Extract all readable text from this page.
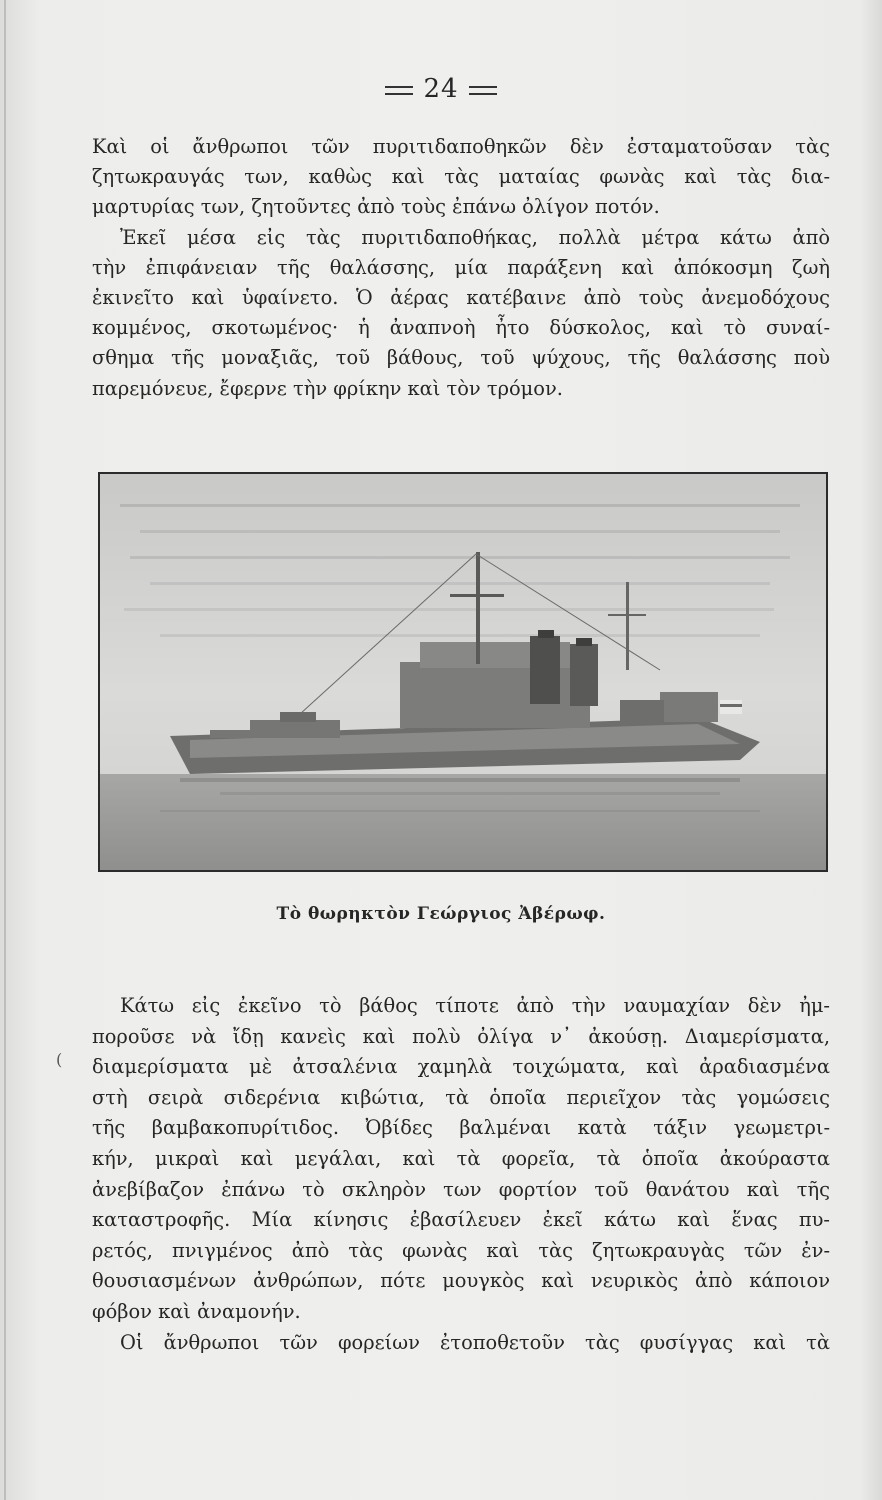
24
Καὶ οἱ ἄνθρωποι τῶν πυριτιδαποθηκῶν δὲν ἐσταματοῦσαν τὰς
ζητωκραυγάς των, καθὼς καὶ τὰς ματαίας φωνὰς καὶ τὰς δια-
μαρτυρίας των, ζητοῦντες ἀπὸ τοὺς ἐπάνω ὀλίγον ποτόν.
Ἐκεῖ μέσα εἰς τὰς πυριτιδαποθήκας, πολλὰ μέτρα κάτω ἀπὸ
τὴν ἐπιφάνειαν τῆς θαλάσσης, μία παράξενη καὶ ἀπόκοσμη ζωὴ
ἐκινεῖτο καὶ ὑφαίνετο. Ὁ ἀέρας κατέβαινε ἀπὸ τοὺς ἀνεμοδόχους
κομμένος, σκοτωμένος· ἡ ἀναπνοὴ ἦτο δύσκολος, καὶ τὸ συναί-
σθημα τῆς μοναξιᾶς, τοῦ βάθους, τοῦ ψύχους, τῆς θαλάσσης ποὺ
παρεμόνευε, ἔφερνε τὴν φρίκην καὶ τὸν τρόμον.
Τὸ θωρηκτὸν Γεώργιος Ἀβέρωφ.
(
Κάτω εἰς ἐκεῖνο τὸ βάθος τίποτε ἀπὸ τὴν ναυμαχίαν δὲν ἠμ-
ποροῦσε νὰ ἴδῃ κανεὶς καὶ πολὺ ὀλίγα ν᾽ ἀκούσῃ. Διαμερίσματα,
διαμερίσματα μὲ ἀτσαλένια χαμηλὰ τοιχώματα, καὶ ἀραδιασμένα
στὴ σειρὰ σιδερένια κιβώτια, τὰ ὁποῖα περιεῖχον τὰς γομώσεις
τῆς βαμβακοπυρίτιδος. Ὀβίδες βαλμέναι κατὰ τάξιν γεωμετρι-
κήν, μικραὶ καὶ μεγάλαι, καὶ τὰ φορεῖα, τὰ ὁποῖα ἀκούραστα
ἀνεβίβαζον ἐπάνω τὸ σκληρὸν των φορτίον τοῦ θανάτου καὶ τῆς
καταστροφῆς. Μία κίνησις ἐβασίλευεν ἐκεῖ κάτω καὶ ἕνας πυ-
ρετός, πνιγμένος ἀπὸ τὰς φωνὰς καὶ τὰς ζητωκραυγὰς τῶν ἐν-
θουσιασμένων ἀνθρώπων, πότε μουγκὸς καὶ νευρικὸς ἀπὸ κάποιον
φόβον καὶ ἀναμονήν.
Οἱ ἄνθρωποι τῶν φορείων ἐτοποθετοῦν τὰς φυσίγγας καὶ τὰ
